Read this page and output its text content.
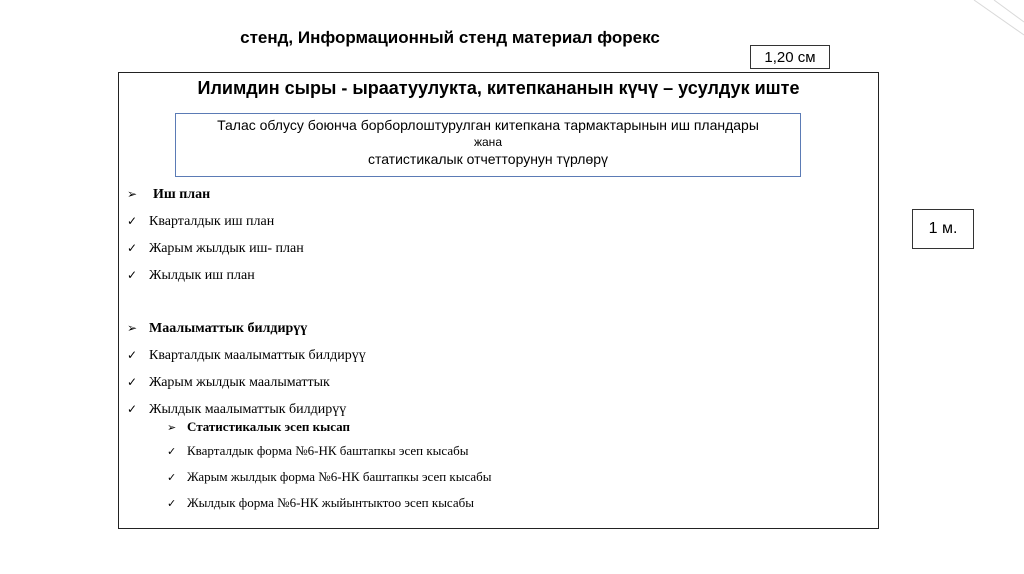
стенд, Информационный стенд материал форекс
1,20 см
1 м.
Илимдин сыры - ыраатуулукта, китепкананын күчү – усулдук иште
Талас облусу боюнча борборлоштурулган китепкана тармактарынын иш пландары
жана
статистикалык отчетторунун түрлөрү
➢ Иш план
✓ Кварталдык иш план
✓ Жарым жылдык иш- план
✓ Жылдык иш план
➢ Маалыматтык билдирүү
✓ Кварталдык маалыматтык билдирүү
✓ Жарым жылдык маалыматтык
✓ Жылдык маалыматтык билдирүү
➢ Статистикалык эсеп кысап
✓ Кварталдык форма №6-НК баштапкы эсеп кысабы
✓ Жарым жылдык форма №6-НК баштапкы эсеп кысабы
✓ Жылдык форма №6-НК жыйынтыктоо эсеп кысабы
